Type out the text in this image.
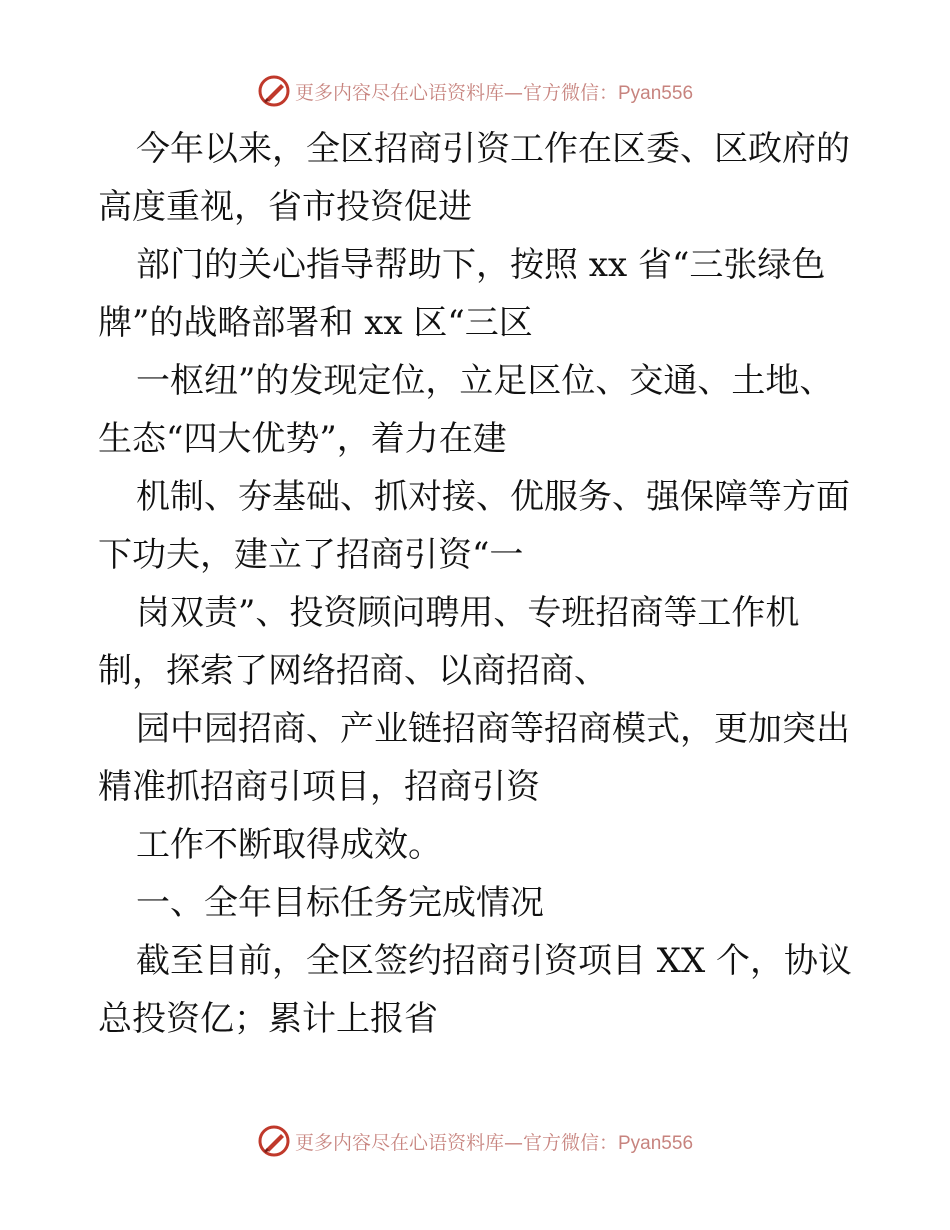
更多内容尽在心语资料库—官方微信：Pyan556
今年以来，全区招商引资工作在区委、区政府的
高度重视，省市投资促进
部门的关心指导帮助下，按照 xx 省“三张绿色
牌”的战略部署和 xx 区“三区
一枢纽”的发现定位，立足区位、交通、土地、
生态“四大优势”，着力在建
机制、夯基础、抓对接、优服务、强保障等方面
下功夫，建立了招商引资“一
岗双责”、投资顾问聘用、专班招商等工作机
制，探索了网络招商、以商招商、
园中园招商、产业链招商等招商模式，更加突出
精准抓招商引项目，招商引资
工作不断取得成效。
一、全年目标任务完成情况
截至目前，全区签约招商引资项目 XX 个，协议
总投资亿；累计上报省
更多内容尽在心语资料库—官方微信：Pyan556
